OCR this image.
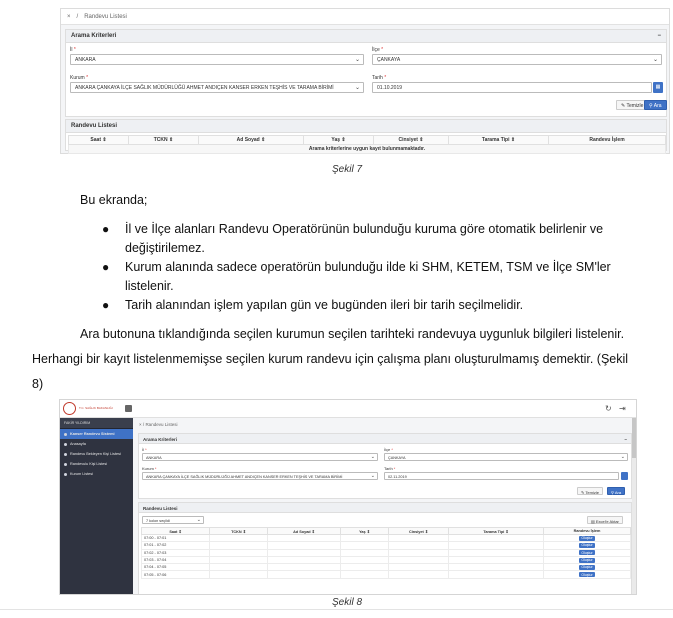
× / Randevu Listesi
Arama Kriterleri	−
İl *
ANKARA	⌄
İlçe *
ÇANKAYA	⌄
Kurum *
ANKARA ÇANKAYA İLÇE SAĞLIK MÜDÜRLÜĞÜ AHMET ANDIÇEN KANSER ERKEN TEŞHİS VE TARAMA BİRİMİ	⌄
Tarih *
01.10.2019	▦
✎ Temizle	⚲ Ara
Randevu Listesi
Saat ⇕	TCKN ⇕	Ad Soyad ⇕	Yaş ⇕	Cinsiyet ⇕	Tarama Tipi ⇕	Randevu İşlem
Arama kriterlerine uygun kayıt bulunmamaktadır.
Şekil 7
Bu ekranda;
● İl ve İlçe alanları Randevu Operatörünün bulunduğu kuruma göre otomatik belirlenir ve değiştirilemez.
● Kurum alanında sadece operatörün bulunduğu ilde ki SHM, KETEM, TSM ve İlçe SM'ler listelenir.
● Tarih alanından işlem yapılan gün ve bugünden ileri bir tarih seçilmelidir.
Ara butonuna tıklandığında seçilen kurumun seçilen tarihteki randevuya uygunluk bilgileri listelenir.
Herhangi bir kayıt listelenmemişse seçilen kurum randevu için çalışma planı oluşturulmamış demektir. (Şekil
8)
T.C. SAĞLIK BAKANLIĞI
FAKİR YILDIRIM
Kanser Randevu Sistemi
Anasayfa
Randevu Bekleyen Kişi Listesi
Randevulu Kişi Listesi
Kurum Listesi
↻ ⇥
× / Randevu Listesi
Arama Kriterleri	−
İl *
ANKARA	⌄
İlçe *
ÇANKAYA	⌄
Kurum *
ANKARA ÇANKAYA İLÇE SAĞLIK MÜDÜRLÜĞÜ AHMET ANDIÇEN KANSER ERKEN TEŞHİS VE TARAMA BİRİMİ	⌄
Tarih *
02.11.2019
✎ Temizle	⚲ Ara
Randevu Listesi
7 kolon seçildi	⌄	▤ Excel'e Aktar
Saat ⇕	TCKN ⇕	Ad Soyad ⇕	Yaş ⇕	Cinsiyet ⇕	Tarama Tipi ⇕	Randevu İşlem
07:00 - 07:01						Oluştur
07:01 - 07:02						Oluştur
07:02 - 07:03						Oluştur
07:03 - 07:04						Oluştur
07:04 - 07:05						Oluştur
07:05 - 07:06						Oluştur
Şekil 8
